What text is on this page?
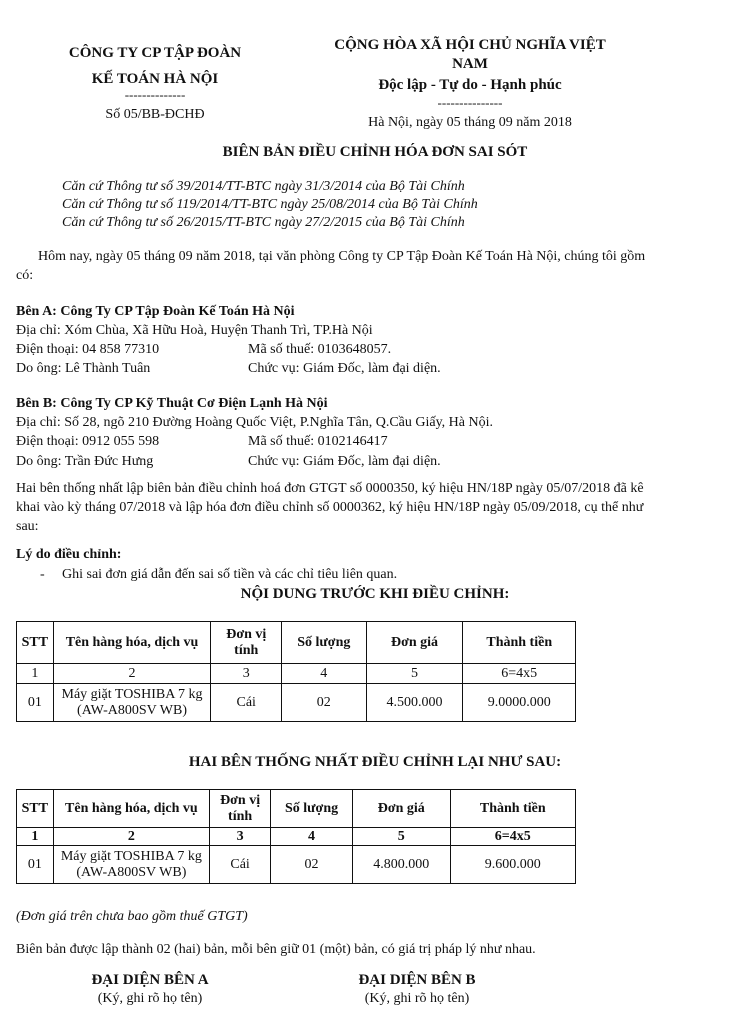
CÔNG TY CP TẬP ĐOÀN
KẾ TOÁN HÀ NỘI
--------------
Số 05/BB-ĐCHĐ
CỘNG HÒA XÃ HỘI CHỦ NGHĨA VIỆT
NAM
Độc lập - Tự do - Hạnh phúc
---------------
Hà Nội, ngày 05 tháng 09 năm 2018
BIÊN BẢN ĐIỀU CHỈNH HÓA ĐƠN SAI SÓT
Căn cứ Thông tư số 39/2014/TT-BTC ngày 31/3/2014 của Bộ Tài Chính
Căn cứ Thông tư số 119/2014/TT-BTC ngày 25/08/2014 của Bộ Tài Chính
Căn cứ Thông tư số 26/2015/TT-BTC ngày 27/2/2015 của Bộ Tài Chính
Hôm nay, ngày 05 tháng 09 năm 2018, tại văn phòng Công ty CP Tập Đoàn Kế Toán Hà Nội, chúng tôi gồm
có:
Bên A: Công Ty CP Tập Đoàn Kế Toán Hà Nội
Địa chỉ: Xóm Chùa, Xã Hữu Hoà, Huyện Thanh Trì, TP.Hà Nội
Điện thoại: 04 858 77310	Mã số thuế: 0103648057.
Do ông: Lê Thành Tuân	Chức vụ: Giám Đốc, làm đại diện.
Bên B: Công Ty CP Kỹ Thuật Cơ Điện Lạnh Hà Nội
Địa chỉ: Số 28, ngõ 210 Đường Hoàng Quốc Việt, P.Nghĩa Tân, Q.Cầu Giấy, Hà Nội.
Điện thoại: 0912 055 598	Mã số thuế: 0102146417
Do ông: Trần Đức Hưng	Chức vụ: Giám Đốc, làm đại diện.
Hai bên thống nhất lập biên bản điều chỉnh hoá đơn GTGT số 0000350, ký hiệu HN/18P ngày 05/07/2018 đã kê
khai vào kỳ tháng 07/2018 và lập hóa đơn điều chỉnh số 0000362, ký hiệu HN/18P ngày 05/09/2018, cụ thể như
sau:
Lý do điều chỉnh:
- Ghi sai đơn giá dẫn đến sai số tiền và các chỉ tiêu liên quan.
NỘI DUNG TRƯỚC KHI ĐIỀU CHỈNH:
STT	Tên hàng hóa, dịch vụ	Đơn vị tính	Số lượng	Đơn giá	Thành tiền
1	2	3	4	5	6=4x5
01	Máy giặt TOSHIBA 7 kg
(AW-A800SV WB)	Cái	02	4.500.000	9.0000.000
HAI BÊN THỐNG NHẤT ĐIỀU CHỈNH LẠI NHƯ SAU:
STT	Tên hàng hóa, dịch vụ	Đơn vị tính	Số lượng	Đơn giá	Thành tiền
1	2	3	4	5	6=4x5
01	Máy giặt TOSHIBA 7 kg
(AW-A800SV WB)	Cái	02	4.800.000	9.600.000
(Đơn giá trên chưa bao gồm thuế GTGT)
Biên bản được lập thành 02 (hai) bản, mỗi bên giữ 01 (một) bản, có giá trị pháp lý như nhau.
ĐẠI DIỆN BÊN A
(Ký, ghi rõ họ tên)
ĐẠI DIỆN BÊN B
(Ký, ghi rõ họ tên)
